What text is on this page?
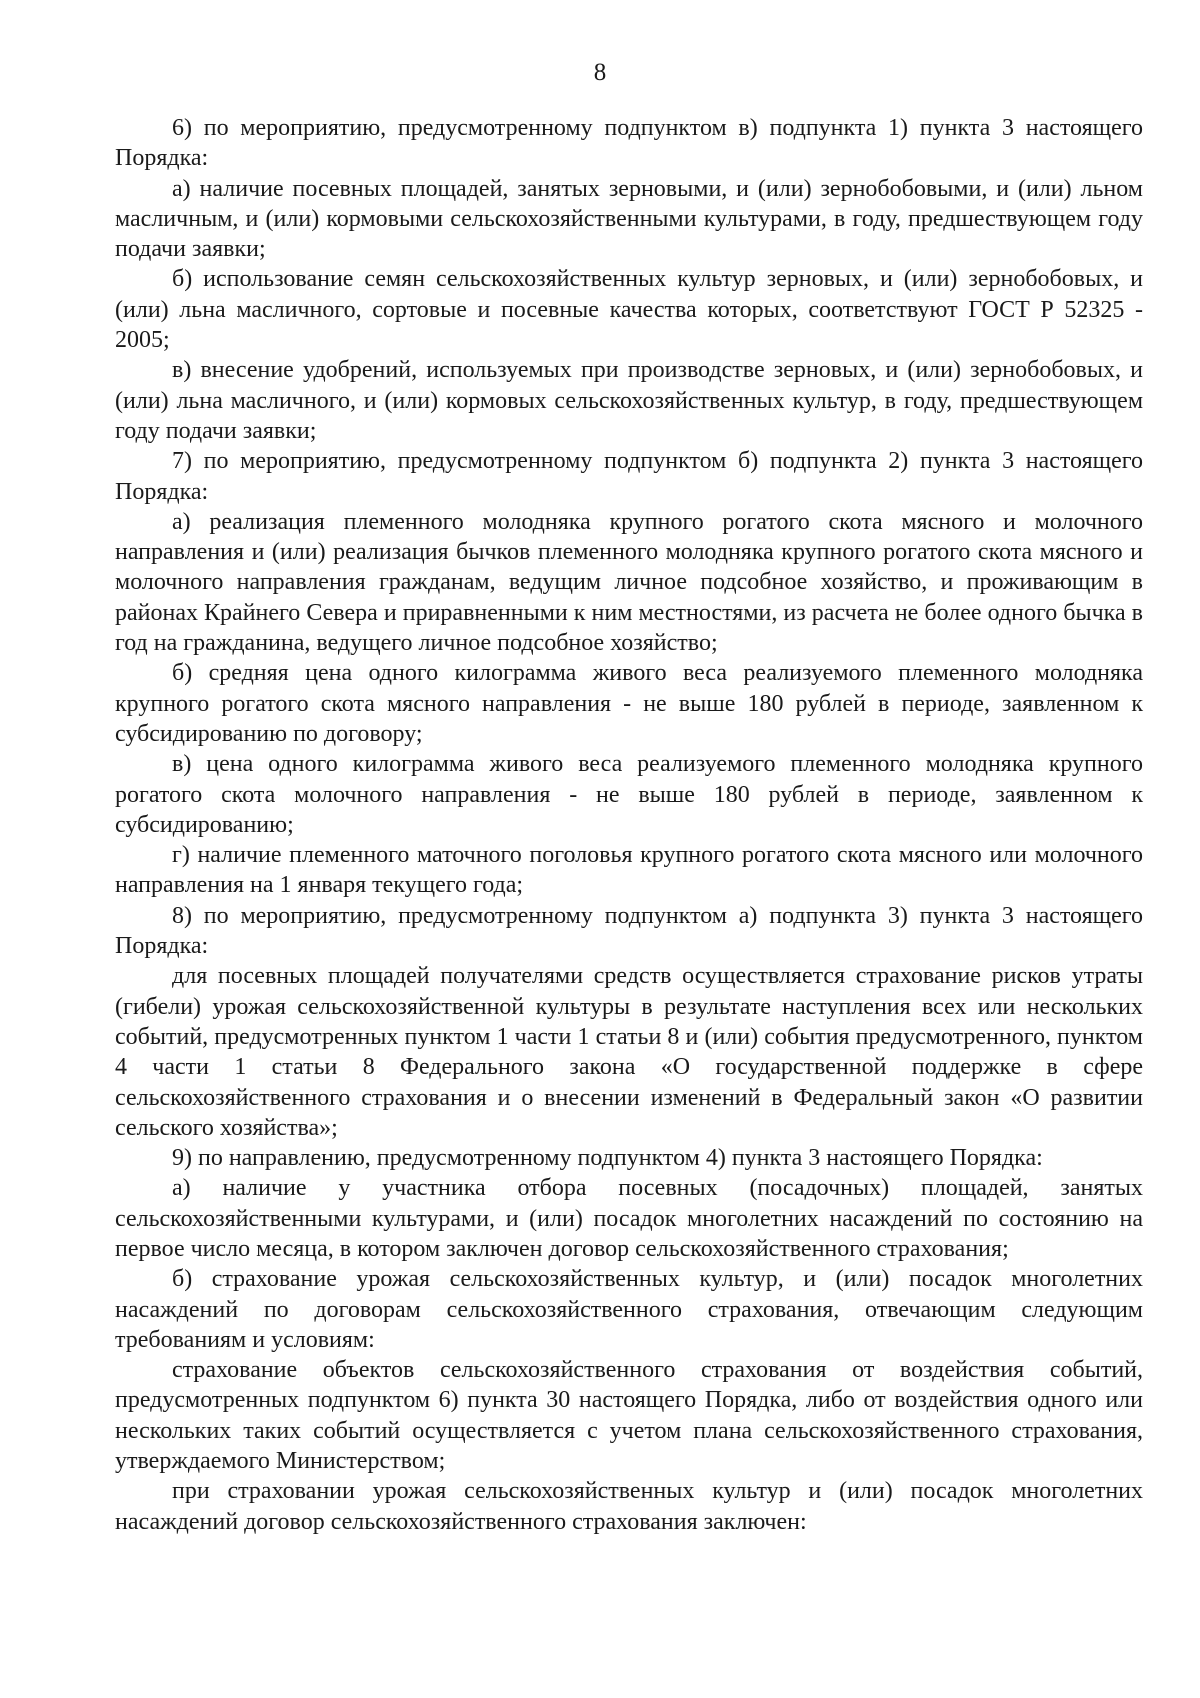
8

6) по мероприятию, предусмотренному подпунктом в) подпункта 1) пункта 3 настоящего Порядка:

а) наличие посевных площадей, занятых зерновыми, и (или) зернобобовыми, и (или) льном масличным, и (или) кормовыми сельскохозяйственными культурами, в году, предшествующем году подачи заявки;

б) использование семян сельскохозяйственных культур зерновых, и (или) зернобобовых, и (или) льна масличного, сортовые и посевные качества которых, соответствуют ГОСТ Р 52325 - 2005;

в) внесение удобрений, используемых при производстве зерновых, и (или) зернобобовых, и (или) льна масличного, и (или) кормовых сельскохозяйственных культур, в году, предшествующем году подачи заявки;

7) по мероприятию, предусмотренному подпунктом б) подпункта 2) пункта 3 настоящего Порядка:

а) реализация племенного молодняка крупного рогатого скота мясного и молочного направления и (или) реализация бычков племенного молодняка крупного рогатого скота мясного и молочного направления гражданам, ведущим личное подсобное хозяйство, и проживающим в районах Крайнего Севера и приравненными к ним местностями, из расчета не более одного бычка в год на гражданина, ведущего личное подсобное хозяйство;

б) средняя цена одного килограмма живого веса реализуемого племенного молодняка крупного рогатого скота мясного направления - не выше 180 рублей в периоде, заявленном к субсидированию по договору;

в) цена одного килограмма живого веса реализуемого племенного молодняка крупного рогатого скота молочного направления - не выше 180 рублей в периоде, заявленном к субсидированию;

г) наличие племенного маточного поголовья крупного рогатого скота мясного или молочного направления на 1 января текущего года;

8) по мероприятию, предусмотренному подпунктом а) подпункта 3) пункта 3 настоящего Порядка:

для посевных площадей получателями средств осуществляется страхование рисков утраты (гибели) урожая сельскохозяйственной культуры в результате наступления всех или нескольких событий, предусмотренных пунктом 1 части 1 статьи 8 и (или) события предусмотренного, пунктом 4 части 1 статьи 8 Федерального закона «О государственной поддержке в сфере сельскохозяйственного страхования и о внесении изменений в Федеральный закон «О развитии сельского хозяйства»;

9) по направлению, предусмотренному подпунктом 4) пункта 3 настоящего Порядка:

а) наличие у участника отбора посевных (посадочных) площадей, занятых сельскохозяйственными культурами, и (или) посадок многолетних насаждений по состоянию на первое число месяца, в котором заключен договор сельскохозяйственного страхования;

б) страхование урожая сельскохозяйственных культур, и (или) посадок многолетних насаждений по договорам сельскохозяйственного страхования, отвечающим следующим требованиям и условиям:

страхование объектов сельскохозяйственного страхования от воздействия событий, предусмотренных подпунктом 6) пункта 30 настоящего Порядка, либо от воздействия одного или нескольких таких событий осуществляется с учетом плана сельскохозяйственного страхования, утверждаемого Министерством;

при страховании урожая сельскохозяйственных культур и (или) посадок многолетних насаждений договор сельскохозяйственного страхования заключен:
